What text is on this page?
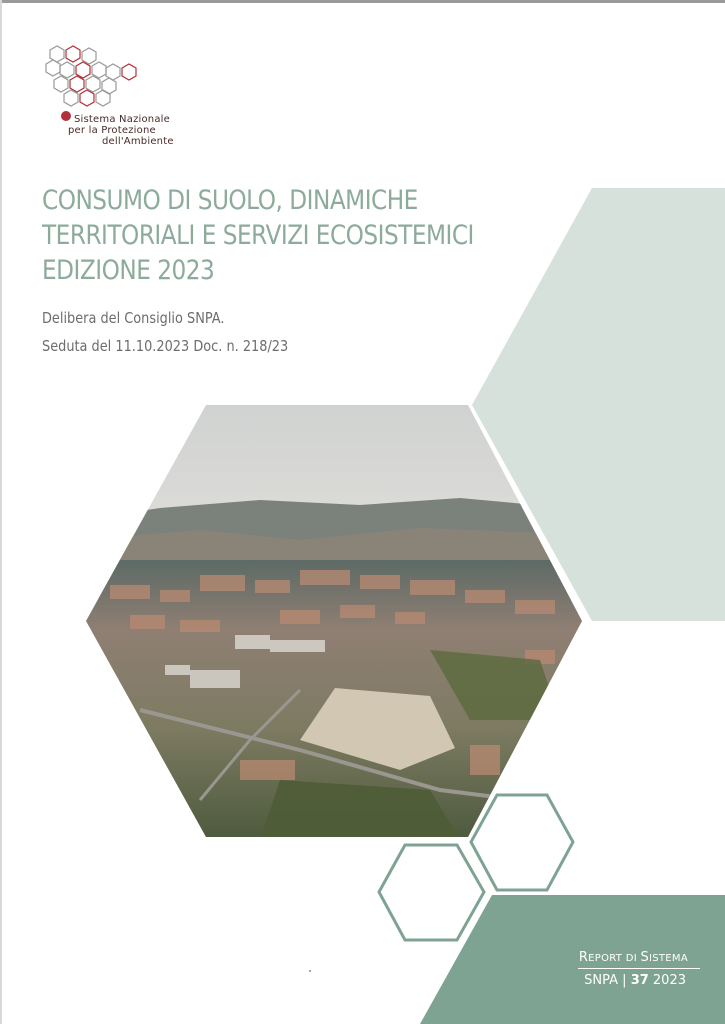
Sistema Nazionale
per la Protezione
dell'Ambiente
CONSUMO DI SUOLO, DINAMICHE
TERRITORIALI E SERVIZI ECOSISTEMICI
EDIZIONE 2023
Delibera del Consiglio SNPA.
Seduta del 11.10.2023 Doc. n. 218/23
REPORT DI SISTEMA
SNPA | 37 2023
